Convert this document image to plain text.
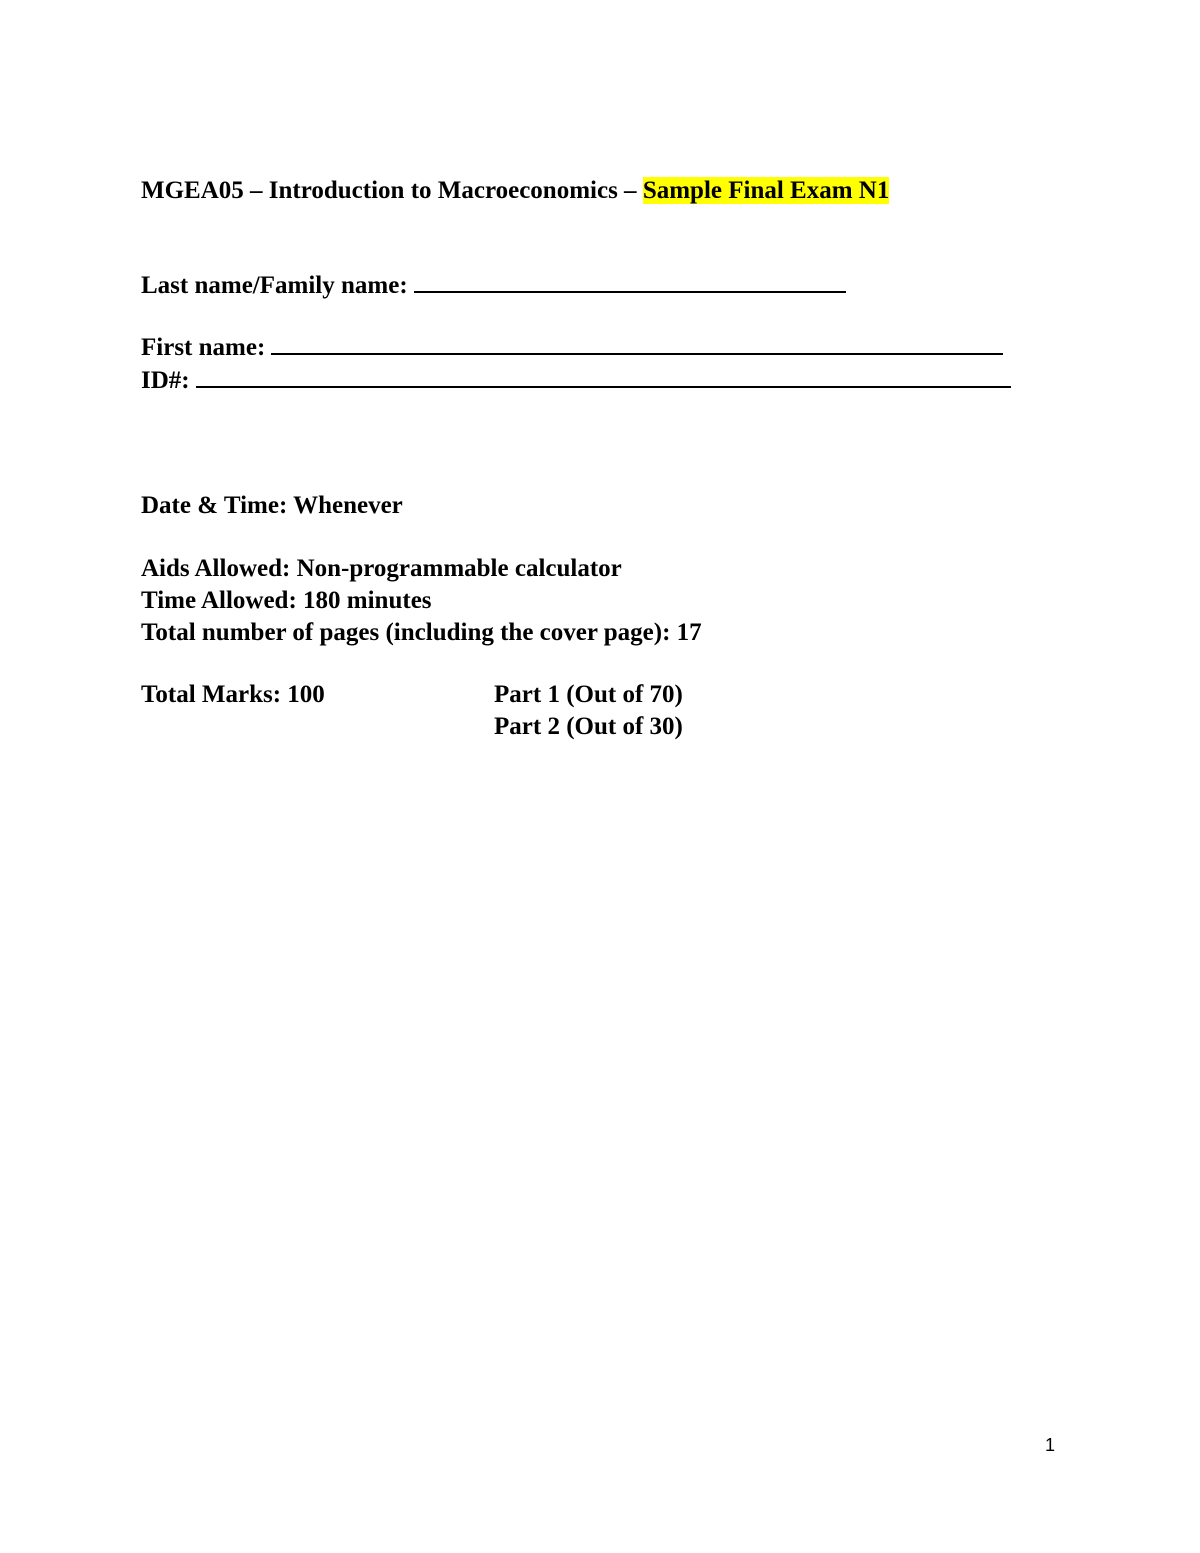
MGEA05 – Introduction to Macroeconomics – Sample Final Exam N1
Last name/Family name:
First name:
ID#:
Date & Time: Whenever
Aids Allowed: Non-programmable calculator
Time Allowed: 180 minutes
Total number of pages (including the cover page): 17
Total Marks: 100	Part 1 (Out of 70)
Part 2 (Out of 30)
1
